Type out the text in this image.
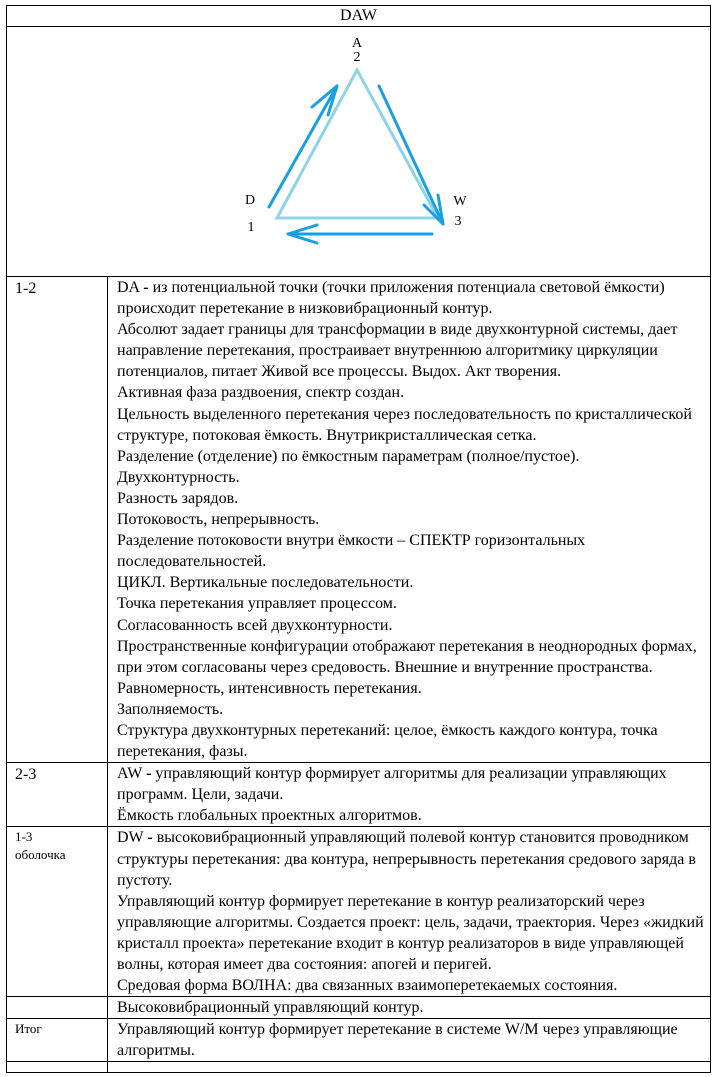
DAW	

A
2
D
1
W
3

1-2	DA - из потенциальной точки (точки приложения потенциала световой ёмкости) происходит перетекание в низковибрационный контур.
Абсолют задает границы для трансформации в виде двухконтурной системы, дает направление перетекания, простраивает внутреннюю алгоритмику циркуляции потенциалов, питает Живой все процессы. Выдох. Акт творения.
Активная фаза раздвоения, спектр создан.
Цельность выделенного перетекания через последовательность по кристаллической структуре, потоковая ёмкость. Внутрикристаллическая сетка.
Разделение (отделение) по ёмкостным параметрам (полное/пустое).
Двухконтурность.
Разность зарядов.
Потоковость, непрерывность.
Разделение потоковости внутри ёмкости – СПЕКТР горизонтальных последовательностей.
ЦИКЛ. Вертикальные последовательности.
Точка перетекания управляет процессом.
Согласованность всей двухконтурности.
Пространственные конфигурации отображают перетекания в неоднородных формах, при этом согласованы через средовость. Внешние и внутренние пространства.
Равномерность, интенсивность перетекания.
Заполняемость.
Структура двухконтурных перетеканий: целое, ёмкость каждого контура, точка перетекания, фазы.

2-3	AW - управляющий контур формирует алгоритмы для реализации управляющих программ. Цели, задачи.
Ёмкость глобальных проектных алгоритмов.

1-3
оболочка	DW - высоковибрационный управляющий полевой контур становится проводником структуры перетекания: два контура, непрерывность перетекания средового заряда в пустоту.
Управляющий контур формирует перетекание в контур реализаторский через управляющие алгоритмы. Создается проект: цель, задачи, траектория. Через «жидкий кристалл проекта» перетекание входит в контур реализаторов в виде управляющей волны, которая имеет два состояния: апогей и перигей.
Средовая форма ВОЛНА: два связанных взаимоперетекаемых состояния.

	Высоковибрационный управляющий контур.

Итог	Управляющий контур формирует перетекание в системе W/M через управляющие алгоритмы.
